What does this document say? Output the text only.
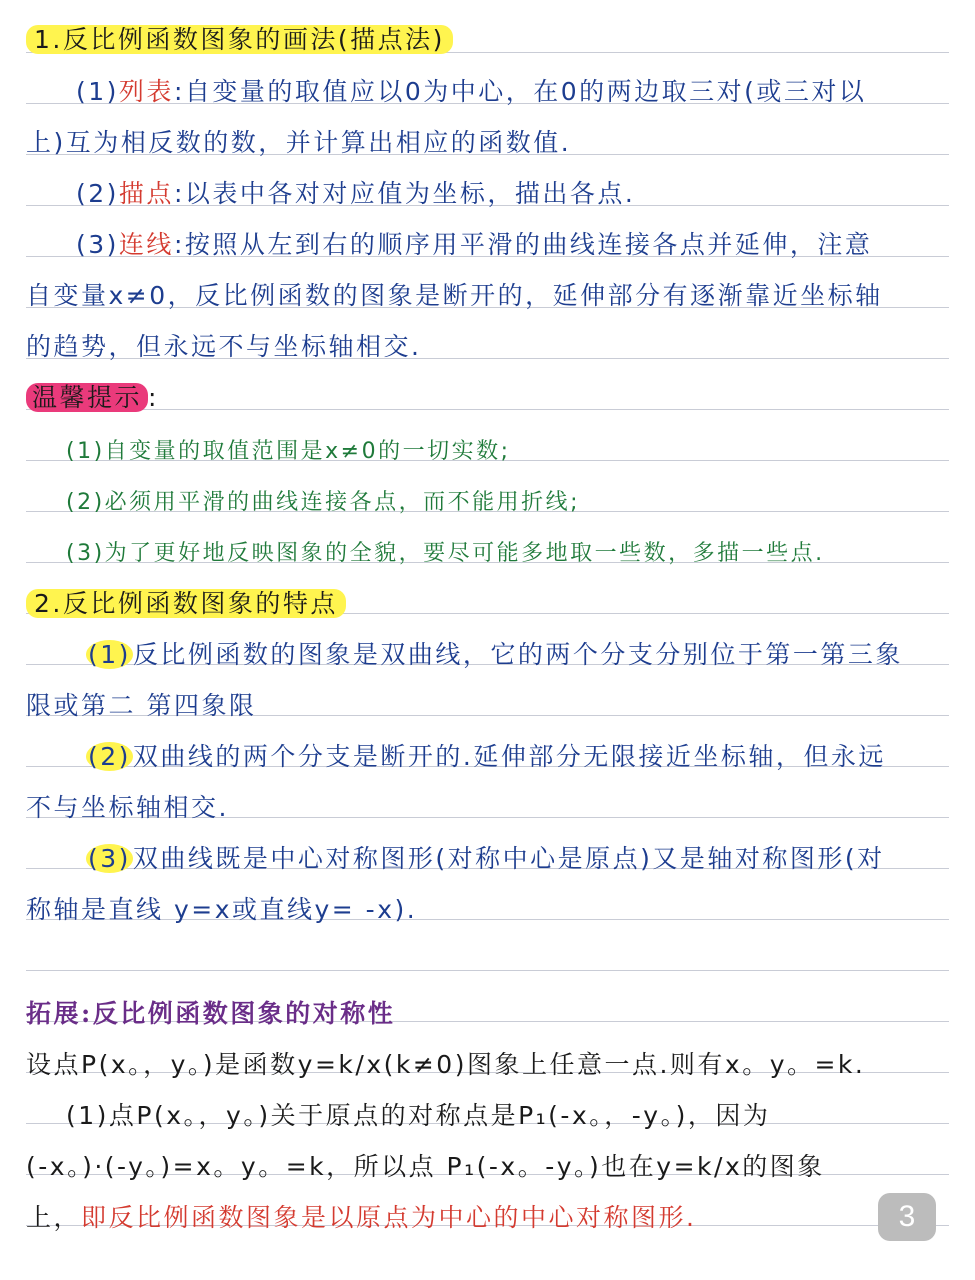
1.反比例函数图象的画法(描点法)
(1)列表:自变量的取值应以0为中心，在0的两边取三对(或三对以
上)互为相反数的数，并计算出相应的函数值.
(2)描点:以表中各对对应值为坐标，描出各点.
(3)连线:按照从左到右的顺序用平滑的曲线连接各点并延伸，注意
自变量x≠0，反比例函数的图象是断开的，延伸部分有逐渐靠近坐标轴
的趋势，但永远不与坐标轴相交.
温馨提示 :
(1)自变量的取值范围是x≠0的一切实数;
(2)必须用平滑的曲线连接各点，而不能用折线;
(3)为了更好地反映图象的全貌，要尽可能多地取一些数，多描一些点.
2.反比例函数图象的特点
(1)反比例函数的图象是双曲线，它的两个分支分别位于第一第三象
限或第二 第四象限
(2)双曲线的两个分支是断开的.延伸部分无限接近坐标轴，但永远
不与坐标轴相交.
(3)双曲线既是中心对称图形(对称中心是原点)又是轴对称图形(对
称轴是直线 y=x或直线y= -x).
拓展:反比例函数图象的对称性
设点P(x。，y。)是函数y=k/x(k≠0)图象上任意一点.则有x。y。=k.
(1)点P(x。，y。)关于原点的对称点是P₁(-x。，-y。)，因为
(-x。)·(-y。)=x。y。=k，所以点 P₁(-x。-y。)也在y=k/x的图象
上，即反比例函数图象是以原点为中心的中心对称图形.	3
